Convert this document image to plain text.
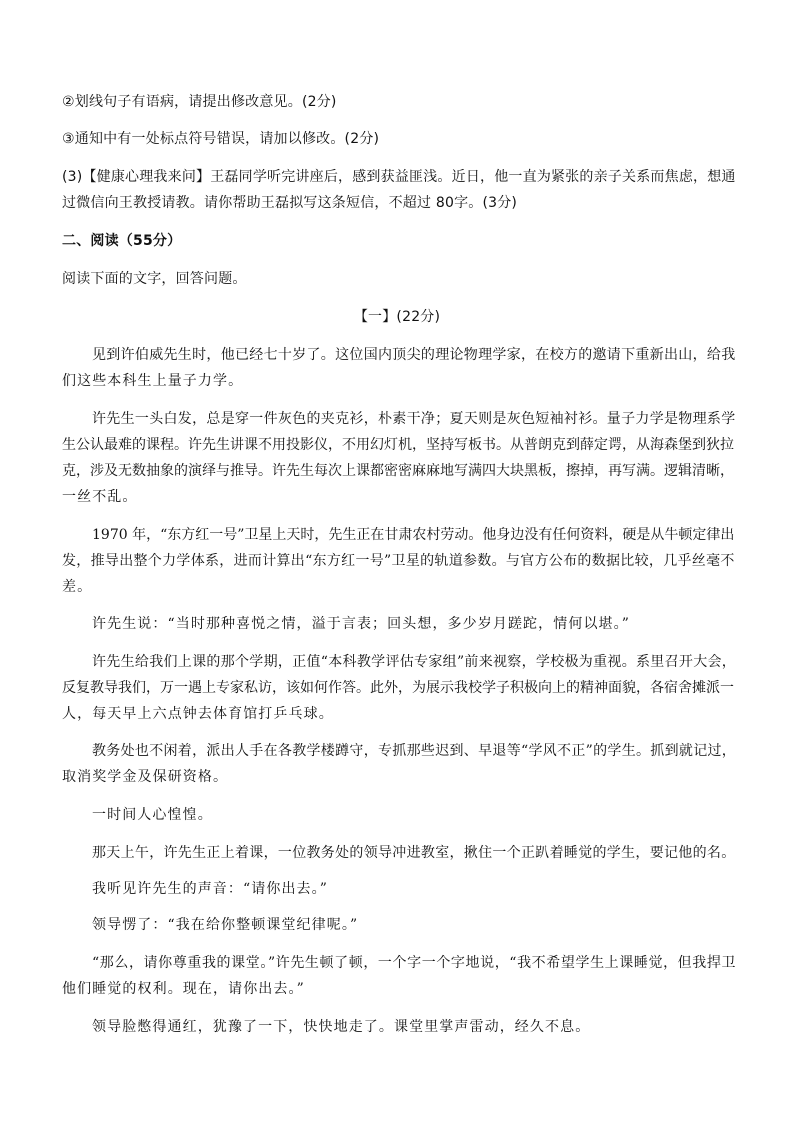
②划线句子有语病，请提出修改意见。(2分)
③通知中有一处标点符号错误，请加以修改。(2分)
(3)【健康心理我来问】王磊同学听完讲座后，感到获益匪浅。近日，他一直为紧张的亲子关系而焦虑，想通
过微信向王教授请教。请你帮助王磊拟写这条短信，不超过 80字。(3分)
二、阅读（55分）
阅读下面的文字，回答问题。
【一】(22分)
见到许伯威先生时，他已经七十岁了。这位国内顶尖的理论物理学家，在校方的邀请下重新出山，给我
们这些本科生上量子力学。
许先生一头白发，总是穿一件灰色的夹克衫，朴素干净；夏天则是灰色短袖衬衫。量子力学是物理系学
生公认最难的课程。许先生讲课不用投影仪，不用幻灯机，坚持写板书。从普朗克到薛定谔，从海森堡到狄拉
克，涉及无数抽象的演绎与推导。许先生每次上课都密密麻麻地写满四大块黑板，擦掉，再写满。逻辑清晰，
一丝不乱。
1970 年，“东方红一号”卫星上天时，先生正在甘肃农村劳动。他身边没有任何资料，硬是从牛顿定律出
发，推导出整个力学体系，进而计算出“东方红一号”卫星的轨道参数。与官方公布的数据比较，几乎丝毫不
差。
许先生说：“当时那种喜悦之情，溢于言表；回头想，多少岁月蹉跎，情何以堪。”
许先生给我们上课的那个学期，正值“本科教学评估专家组”前来视察，学校极为重视。系里召开大会，
反复教导我们，万一遇上专家私访，该如何作答。此外，为展示我校学子积极向上的精神面貌，各宿舍摊派一
人，每天早上六点钟去体育馆打乒乓球。
教务处也不闲着，派出人手在各教学楼蹲守，专抓那些迟到、早退等“学风不正”的学生。抓到就记过，
取消奖学金及保研资格。
一时间人心惶惶。
那天上午，许先生正上着课，一位教务处的领导冲进教室，揪住一个正趴着睡觉的学生，要记他的名。
我听见许先生的声音：“请你出去。”
领导愣了：“我在给你整顿课堂纪律呢。”
“那么，请你尊重我的课堂。”许先生顿了顿，一个字一个字地说，“我不希望学生上课睡觉，但我捍卫
他们睡觉的权利。现在，请你出去。”
领导脸憋得通红，犹豫了一下，快快地走了。课堂里掌声雷动，经久不息。
